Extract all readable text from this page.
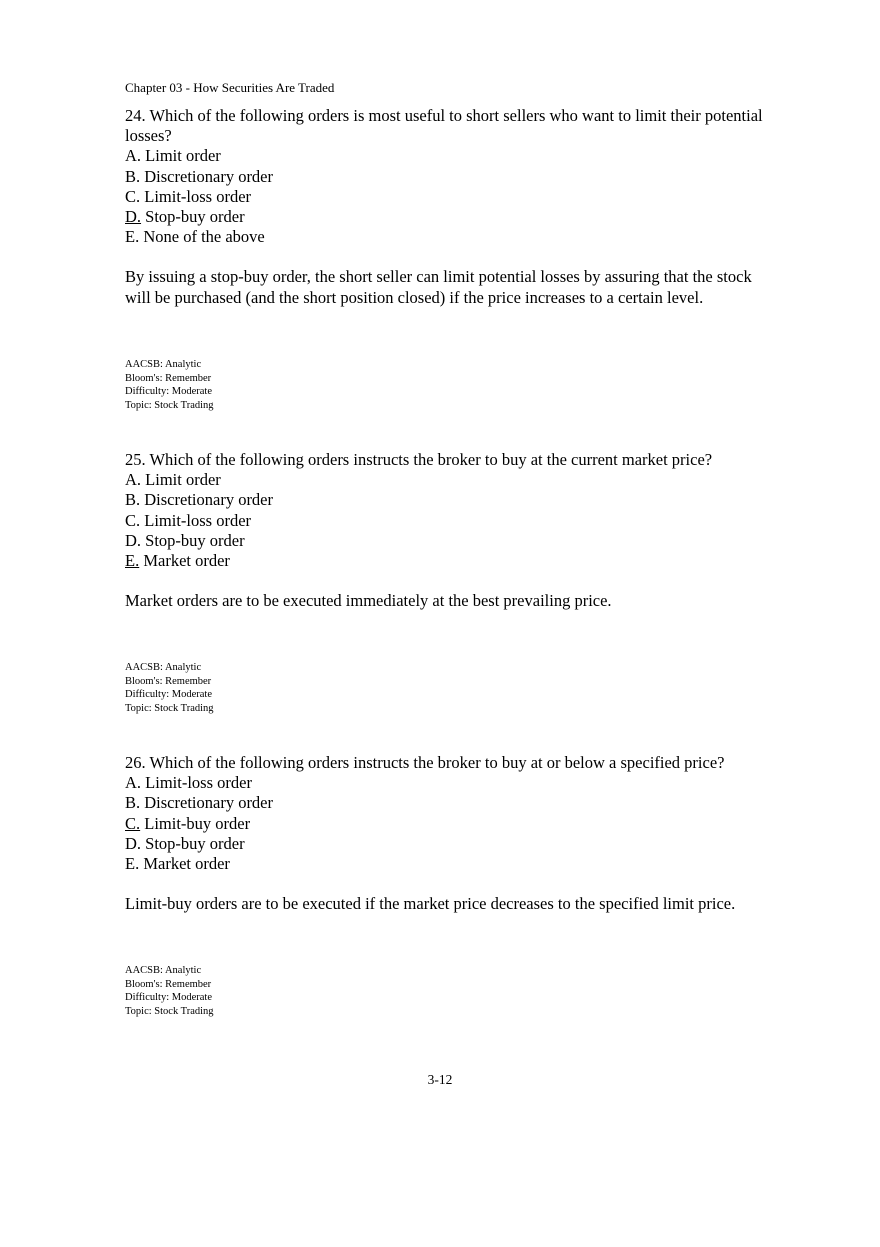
Chapter 03 - How Securities Are Traded

24. Which of the following orders is most useful to short sellers who want to limit their potential losses?

A. Limit order
B. Discretionary order
C. Limit-loss order
D. Stop-buy order
E. None of the above

By issuing a stop-buy order, the short seller can limit potential losses by assuring that the stock will be purchased (and the short position closed) if the price increases to a certain level.

AACSB: Analytic
Bloom's: Remember
Difficulty: Moderate
Topic: Stock Trading

25. Which of the following orders instructs the broker to buy at the current market price?

A. Limit order
B. Discretionary order
C. Limit-loss order
D. Stop-buy order
E. Market order

Market orders are to be executed immediately at the best prevailing price.

AACSB: Analytic
Bloom's: Remember
Difficulty: Moderate
Topic: Stock Trading

26. Which of the following orders instructs the broker to buy at or below a specified price?

A. Limit-loss order
B. Discretionary order
C. Limit-buy order
D. Stop-buy order
E. Market order

Limit-buy orders are to be executed if the market price decreases to the specified limit price.

AACSB: Analytic
Bloom's: Remember
Difficulty: Moderate
Topic: Stock Trading
3-12
